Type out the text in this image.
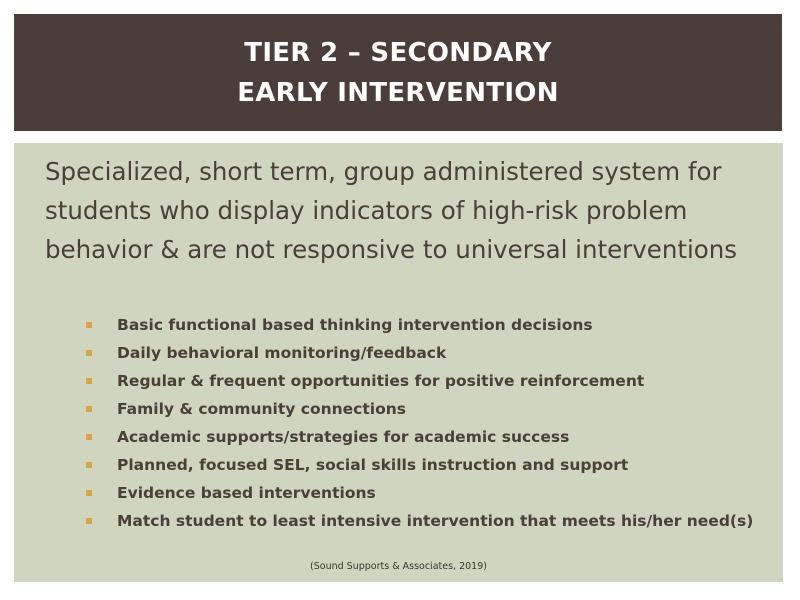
TIER 2 – SECONDARY
EARLY INTERVENTION

Specialized, short term, group administered system for students who display indicators of high-risk problem behavior & are not responsive to universal interventions

Basic functional based thinking intervention decisions
Daily behavioral monitoring/feedback
Regular & frequent opportunities for positive reinforcement
Family & community connections
Academic supports/strategies for academic success
Planned, focused SEL, social skills instruction and support
Evidence based interventions
Match student to least intensive intervention that meets his/her need(s)
(Sound Supports & Associates, 2019)
